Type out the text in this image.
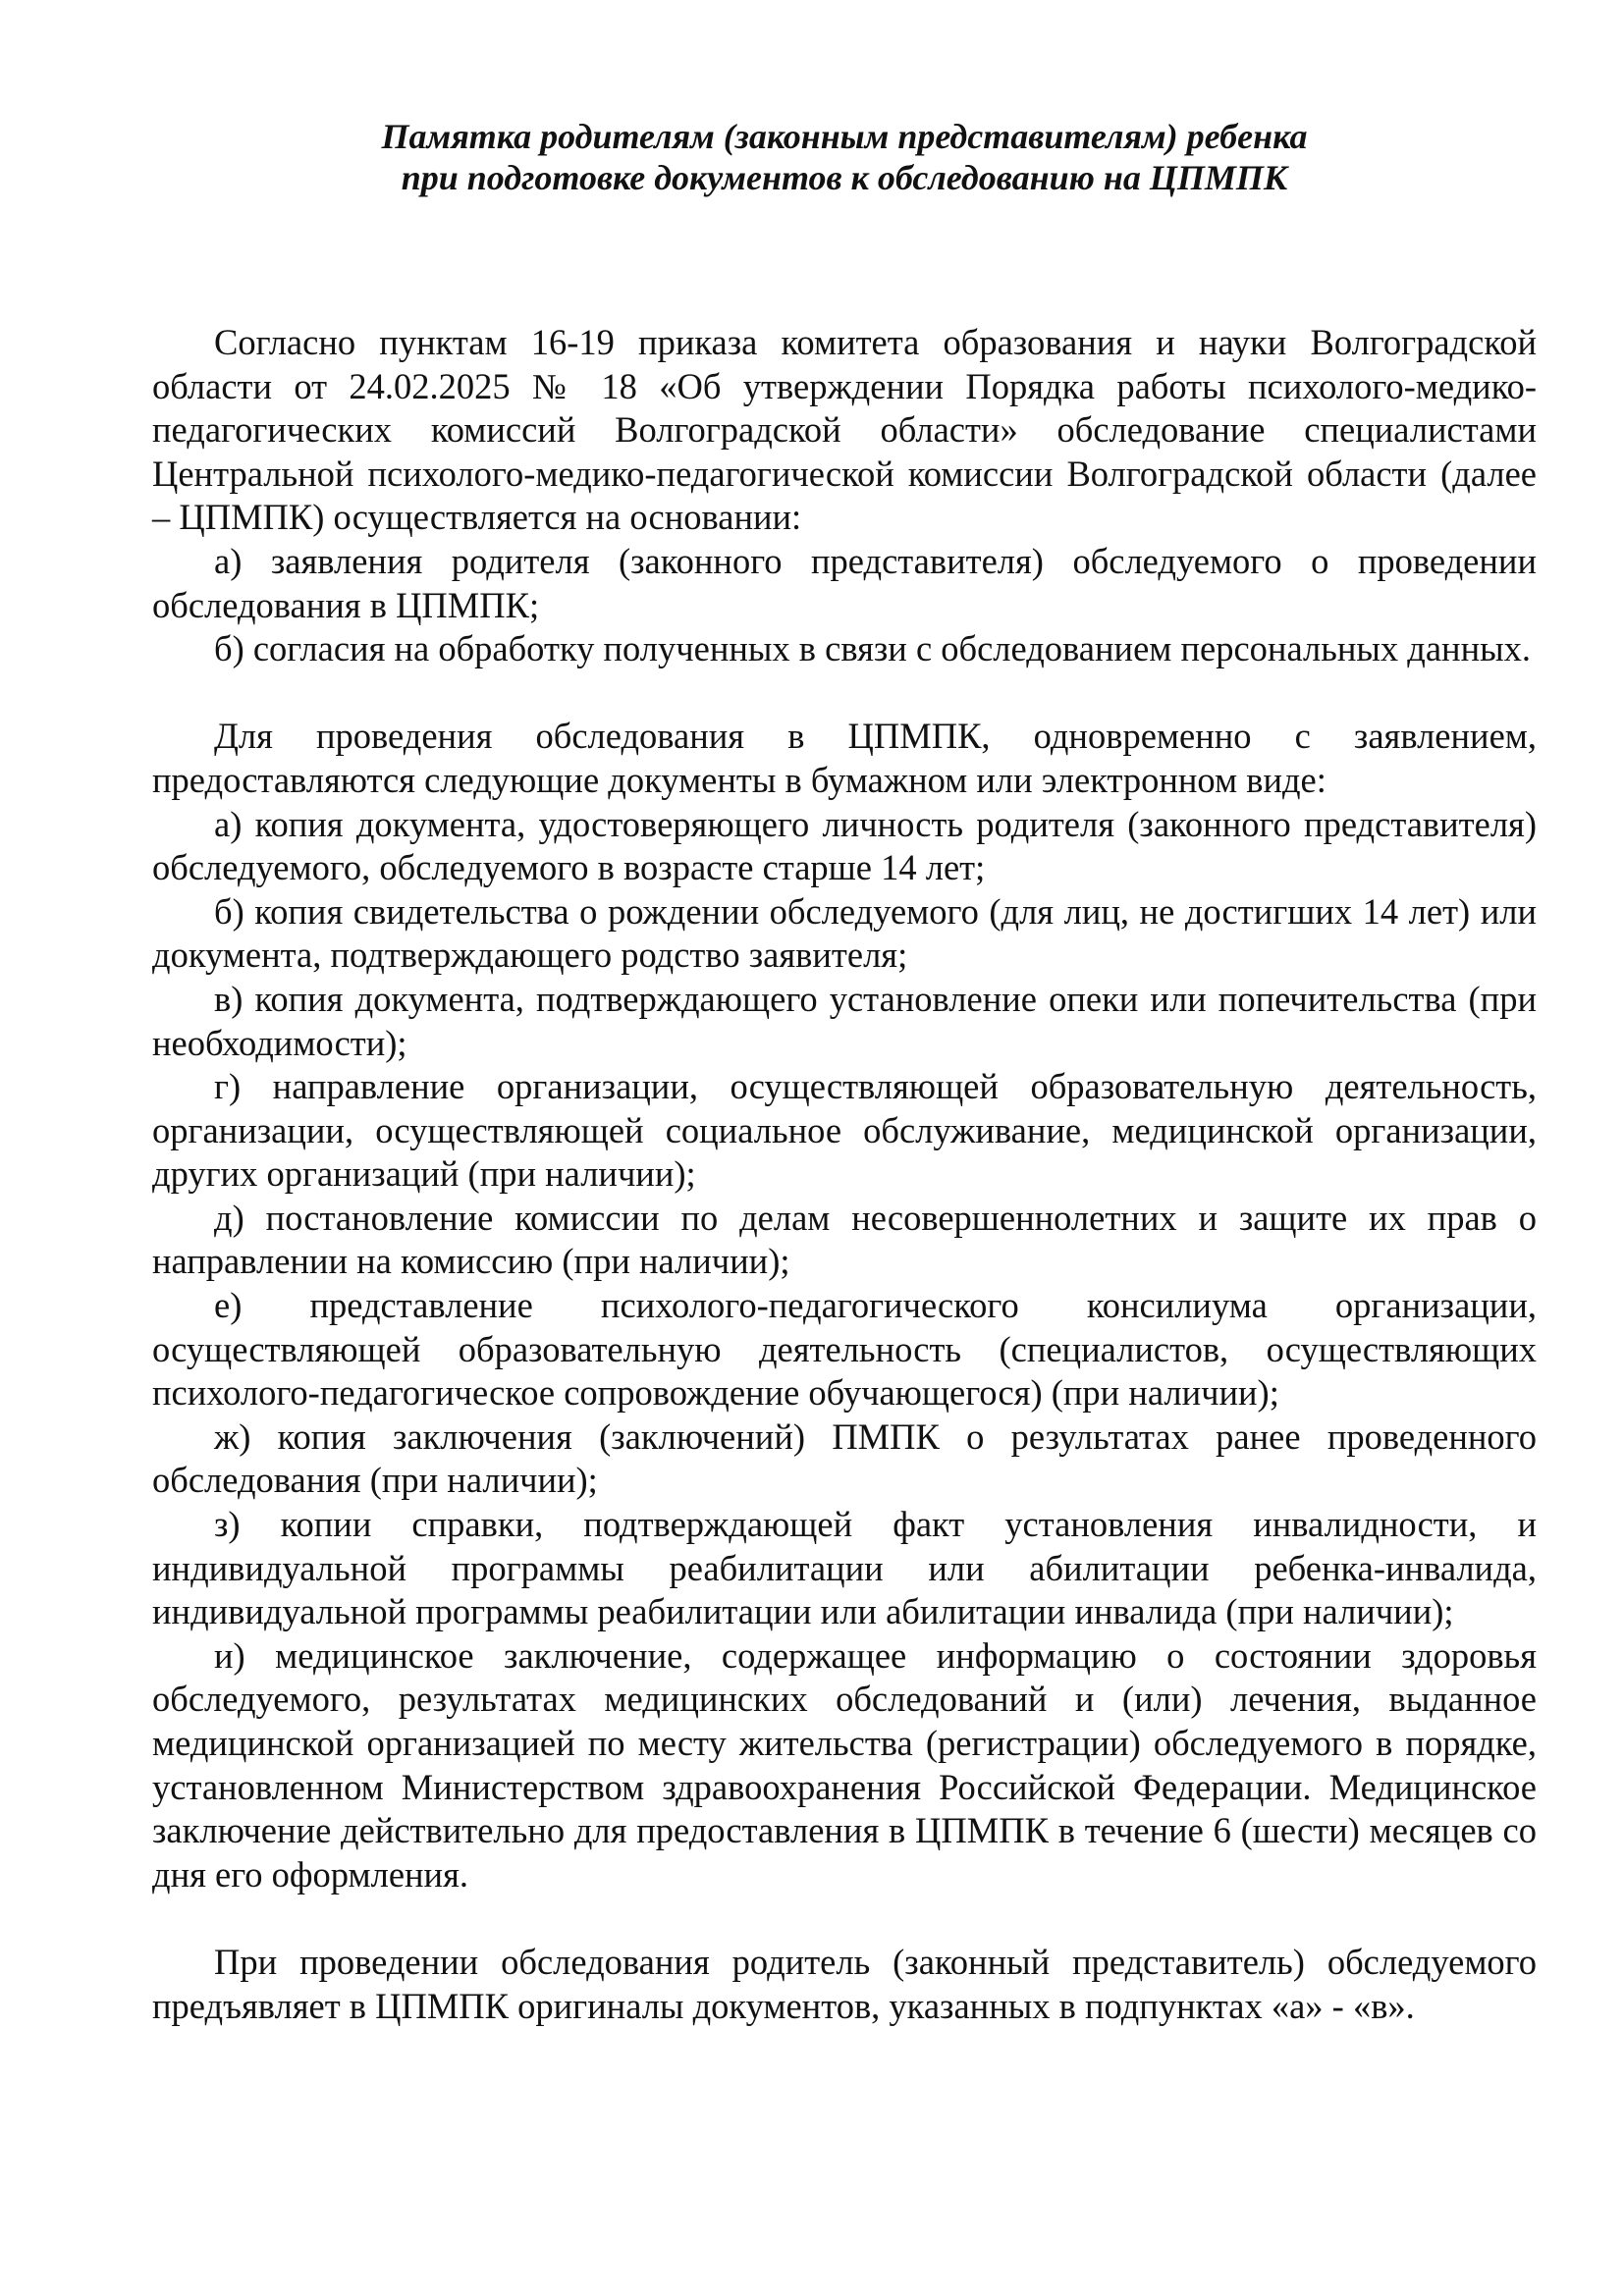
Памятка родителям (законным представителям) ребенка
при подготовке документов к обследованию на ЦПМПК

Согласно пунктам 16-19 приказа комитета образования и науки Волгоградской области от 24.02.2025 № 18 «Об утверждении Порядка работы психолого-медико-педагогических комиссий Волгоградской области» обследование специалистами Центральной психолого-медико-педагогической комиссии Волгоградской области (далее – ЦПМПК) осуществляется на основании:

а) заявления родителя (законного представителя) обследуемого о проведении обследования в ЦПМПК;

б) согласия на обработку полученных в связи с обследованием персональных данных.

Для проведения обследования в ЦПМПК, одновременно с заявлением, предоставляются следующие документы в бумажном или электронном виде:

а) копия документа, удостоверяющего личность родителя (законного представителя) обследуемого, обследуемого в возрасте старше 14 лет;

б) копия свидетельства о рождении обследуемого (для лиц, не достигших 14 лет) или документа, подтверждающего родство заявителя;

в) копия документа, подтверждающего установление опеки или попечительства (при необходимости);

г) направление организации, осуществляющей образовательную деятельность, организации, осуществляющей социальное обслуживание, медицинской организации, других организаций (при наличии);

д) постановление комиссии по делам несовершеннолетних и защите их прав о направлении на комиссию (при наличии);

е) представление психолого-педагогического консилиума организации, осуществляющей образовательную деятельность (специалистов, осуществляющих психолого-педагогическое сопровождение обучающегося) (при наличии);

ж) копия заключения (заключений) ПМПК о результатах ранее проведенного обследования (при наличии);

з) копии справки, подтверждающей факт установления инвалидности, и индивидуальной программы реабилитации или абилитации ребенка-инвалида, индивидуальной программы реабилитации или абилитации инвалида (при наличии);

и) медицинское заключение, содержащее информацию о состоянии здоровья обследуемого, результатах медицинских обследований и (или) лечения, выданное медицинской организацией по месту жительства (регистрации) обследуемого в порядке, установленном Министерством здравоохранения Российской Федерации. Медицинское заключение действительно для предоставления в ЦПМПК в течение 6 (шести) месяцев со дня его оформления.

При проведении обследования родитель (законный представитель) обследуемого предъявляет в ЦПМПК оригиналы документов, указанных в подпунктах «а» - «в».
